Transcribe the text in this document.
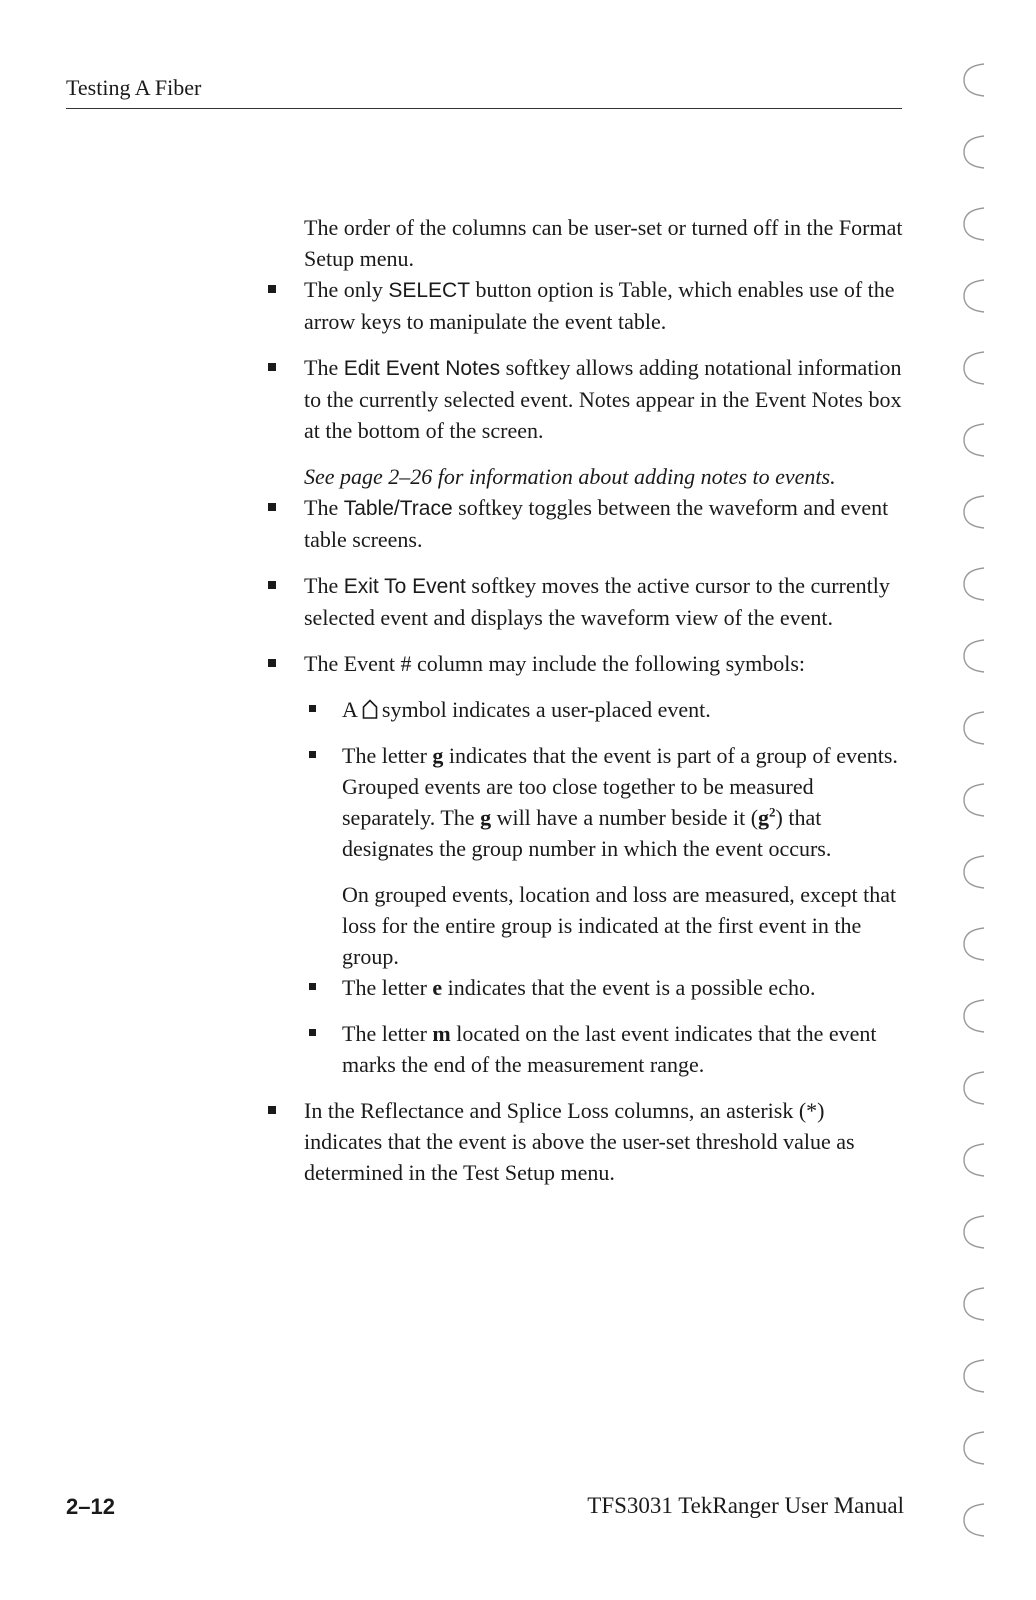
Testing A Fiber

The order of the columns can be user-set or turned off in the Format Setup menu.

The only SELECT button option is Table, which enables use of the arrow keys to manipulate the event table.

The Edit Event Notes softkey allows adding notational information to the currently selected event. Notes appear in the Event Notes box at the bottom of the screen.

See page 2–26 for information about adding notes to events.

The Table/Trace softkey toggles between the waveform and event table screens.

The Exit To Event softkey moves the active cursor to the currently selected event and displays the waveform view of the event.

The Event # column may include the following symbols:

A symbol indicates a user-placed event.

The letter g indicates that the event is part of a group of events. Grouped events are too close together to be measured separately. The g will have a number beside it $(g^2)$ that designates the group number in which the event occurs.

On grouped events, location and loss are measured, except that loss for the entire group is indicated at the first event in the group.

The letter e indicates that the event is a possible echo.

The letter m located on the last event indicates that the event marks the end of the measurement range.

In the Reflectance and Splice Loss columns, an asterisk (*) indicates that the event is above the user-set threshold value as determined in the Test Setup menu.

2–12	TFS3031 TekRanger User Manual
